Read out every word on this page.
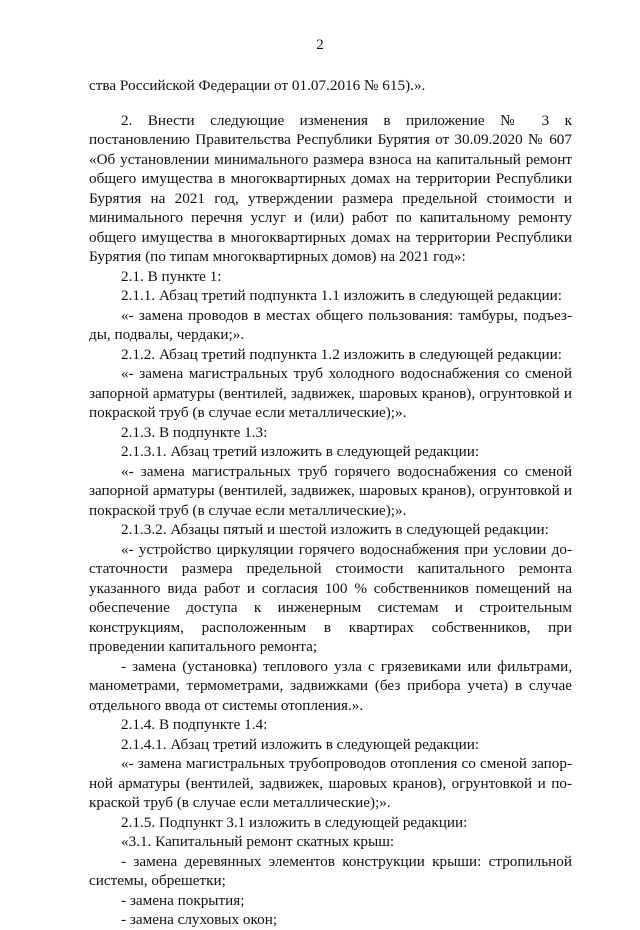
2

ства Российской Федерации от 01.07.2016 № 615).».

2. Внести следующие изменения в приложение № 3 к постановлению Правительства Республики Бурятия от 30.09.2020 № 607 «Об установлении минимального размера взноса на капитальный ремонт общего имущества в многоквартирных домах на территории Республики Бурятия на 2021 год, утверждении размера предельной стоимости и минимального перечня услуг и (или) работ по капитальному ремонту общего имущества в многоквартирных домах на территории Республики Бурятия (по типам многоквартирных домов) на 2021 год»:

2.1. В пункте 1:

2.1.1. Абзац третий подпункта 1.1 изложить в следующей редакции:

«- замена проводов в местах общего пользования: тамбуры, подъезды, подвалы, чердаки;».

2.1.2. Абзац третий подпункта 1.2 изложить в следующей редакции:

«- замена магистральных труб холодного водоснабжения со сменой запорной арматуры (вентилей, задвижек, шаровых кранов), огрунтовкой и покраской труб (в случае если металлические);».

2.1.3. В подпункте 1.3:

2.1.3.1. Абзац третий изложить в следующей редакции:

«- замена магистральных труб горячего водоснабжения со сменой запорной арматуры (вентилей, задвижек, шаровых кранов), огрунтовкой и покраской труб (в случае если металлические);».

2.1.3.2. Абзацы пятый и шестой изложить в следующей редакции:

«- устройство циркуляции горячего водоснабжения при условии достаточности размера предельной стоимости капитального ремонта указанного вида работ и согласия 100 % собственников помещений на обеспечение доступа к инженерным системам и строительным конструкциям, расположенным в квартирах собственников, при проведении капитального ремонта;

- замена (установка) теплового узла с грязевиками или фильтрами, манометрами, термометрами, задвижками (без прибора учета) в случае отдельного ввода от системы отопления.».

2.1.4. В подпункте 1.4:

2.1.4.1. Абзац третий изложить в следующей редакции:

«- замена магистральных трубопроводов отопления со сменой запорной арматуры (вентилей, задвижек, шаровых кранов), огрунтовкой и покраской труб (в случае если металлические);».

2.1.5. Подпункт 3.1 изложить в следующей редакции:

«3.1. Капитальный ремонт скатных крыш:

- замена деревянных элементов конструкции крыши: стропильной системы, обрешетки;

- замена покрытия;

- замена слуховых окон;
